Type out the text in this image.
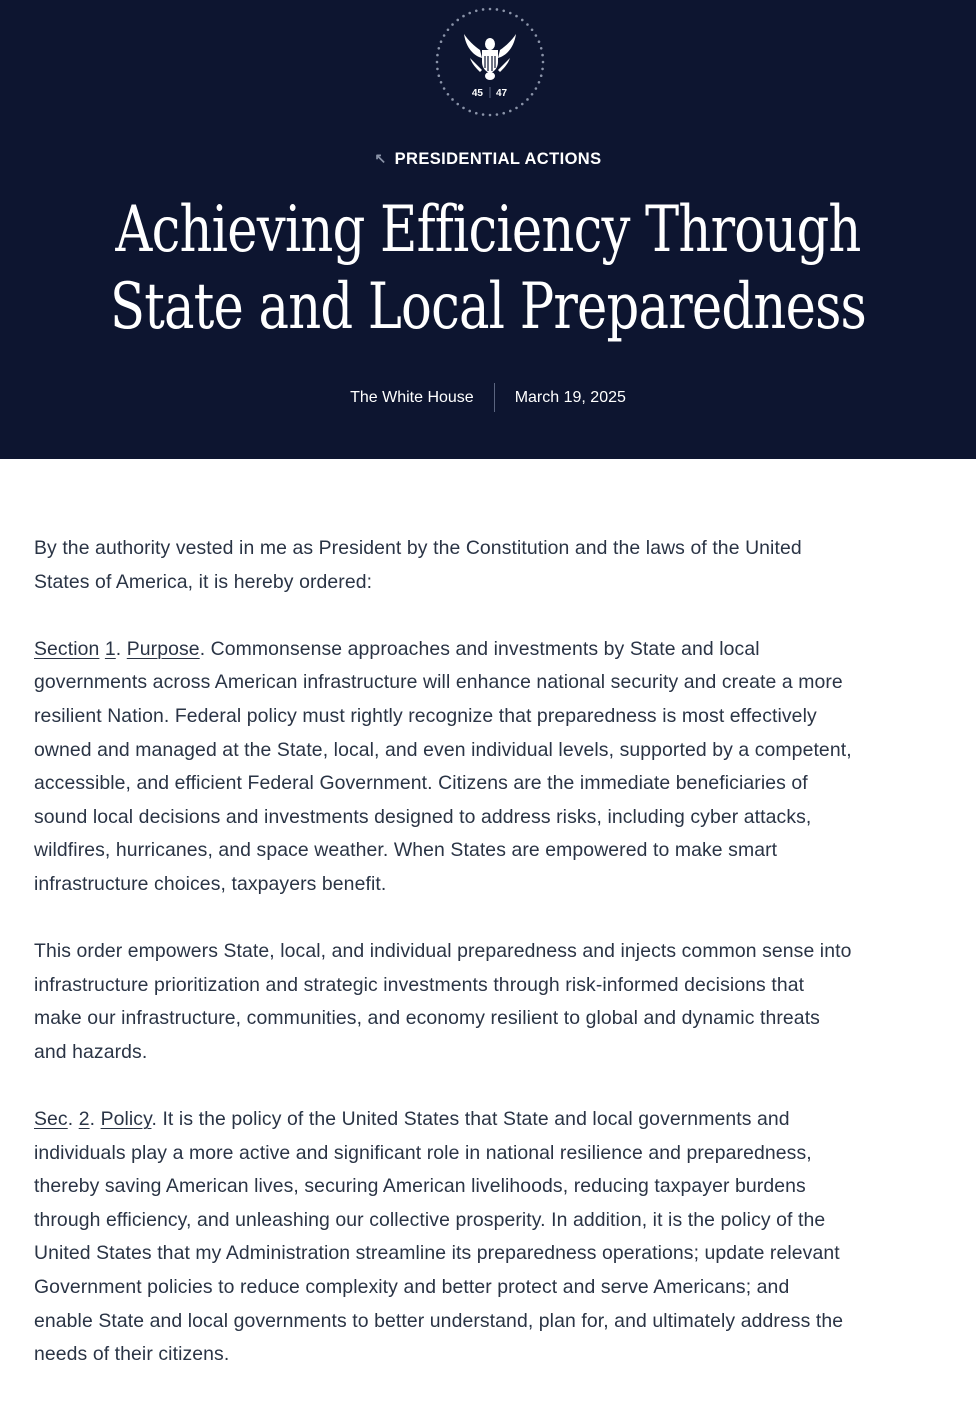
45 47
↖ PRESIDENTIAL ACTIONS
Achieving Efficiency Through
State and Local Preparedness
The White House	March 19, 2025

By the authority vested in me as President by the Constitution and the laws of the United
States of America, it is hereby ordered:

Section 1. Purpose. Commonsense approaches and investments by State and local
governments across American infrastructure will enhance national security and create a more
resilient Nation. Federal policy must rightly recognize that preparedness is most effectively
owned and managed at the State, local, and even individual levels, supported by a competent,
accessible, and efficient Federal Government. Citizens are the immediate beneficiaries of
sound local decisions and investments designed to address risks, including cyber attacks,
wildfires, hurricanes, and space weather. When States are empowered to make smart
infrastructure choices, taxpayers benefit.

This order empowers State, local, and individual preparedness and injects common sense into
infrastructure prioritization and strategic investments through risk-informed decisions that
make our infrastructure, communities, and economy resilient to global and dynamic threats
and hazards.

Sec. 2. Policy. It is the policy of the United States that State and local governments and
individuals play a more active and significant role in national resilience and preparedness,
thereby saving American lives, securing American livelihoods, reducing taxpayer burdens
through efficiency, and unleashing our collective prosperity. In addition, it is the policy of the
United States that my Administration streamline its preparedness operations; update relevant
Government policies to reduce complexity and better protect and serve Americans; and
enable State and local governments to better understand, plan for, and ultimately address the
needs of their citizens.
